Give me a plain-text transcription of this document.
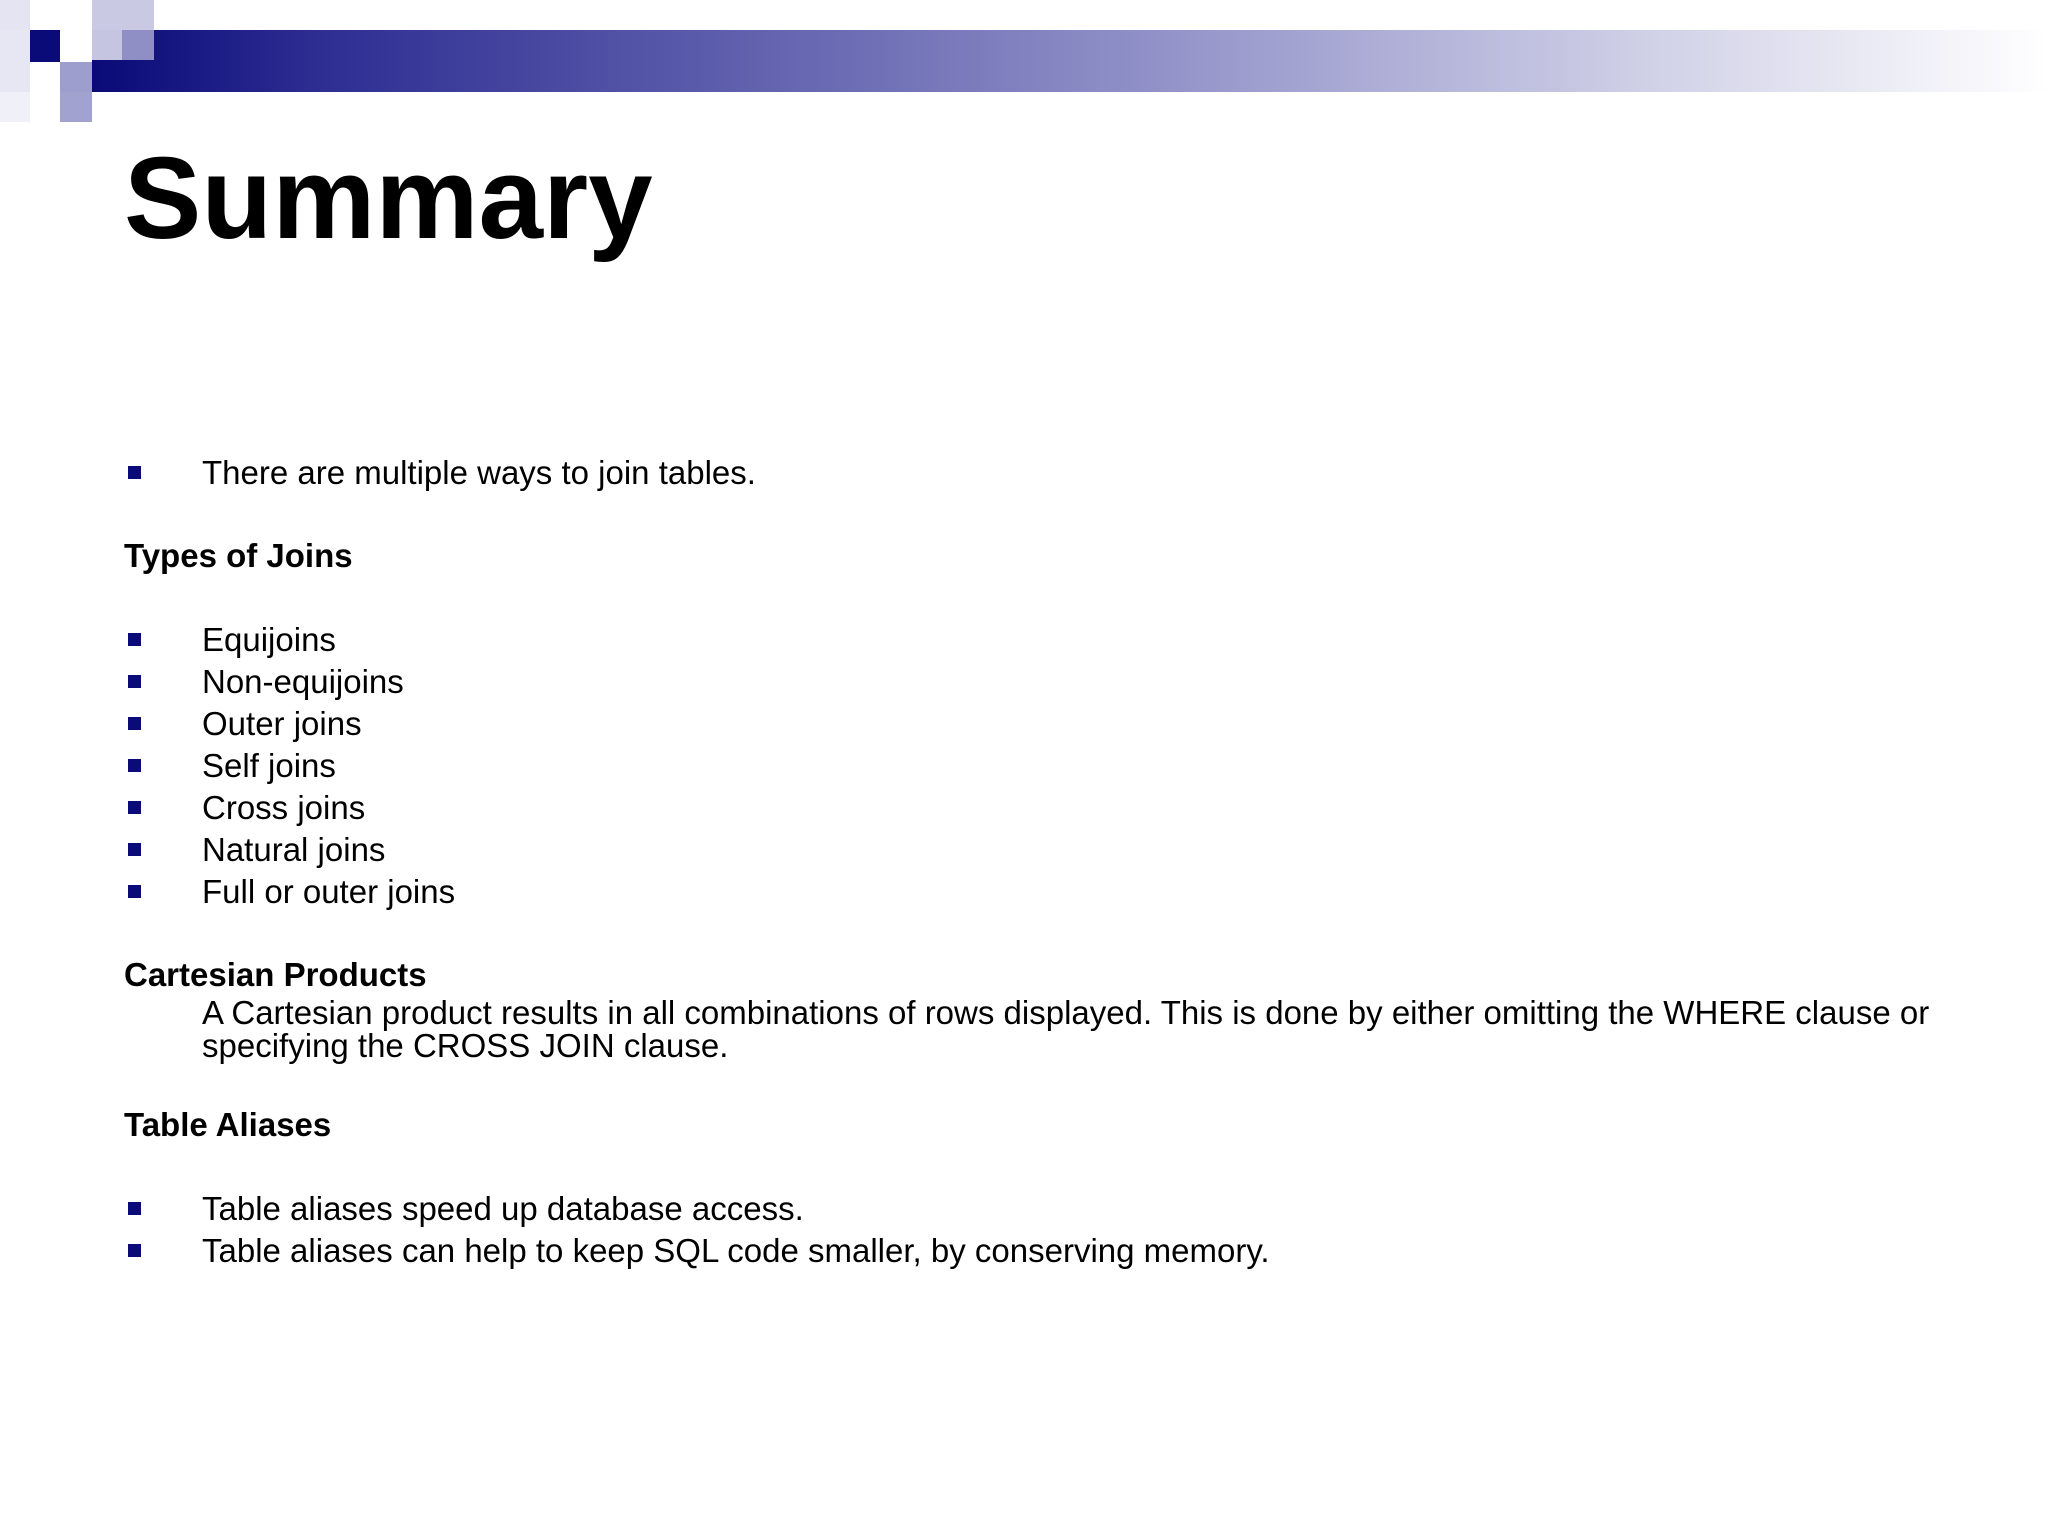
Summary
There are multiple ways to join tables.
Types of Joins
Equijoins
Non-equijoins
Outer joins
Self joins
Cross joins
Natural joins
Full or outer joins
Cartesian Products

A Cartesian product results in all combinations of rows displayed. This is done by either omitting the WHERE clause or specifying the CROSS JOIN clause.

Table Aliases
Table aliases speed up database access.
Table aliases can help to keep SQL code smaller, by conserving memory.
